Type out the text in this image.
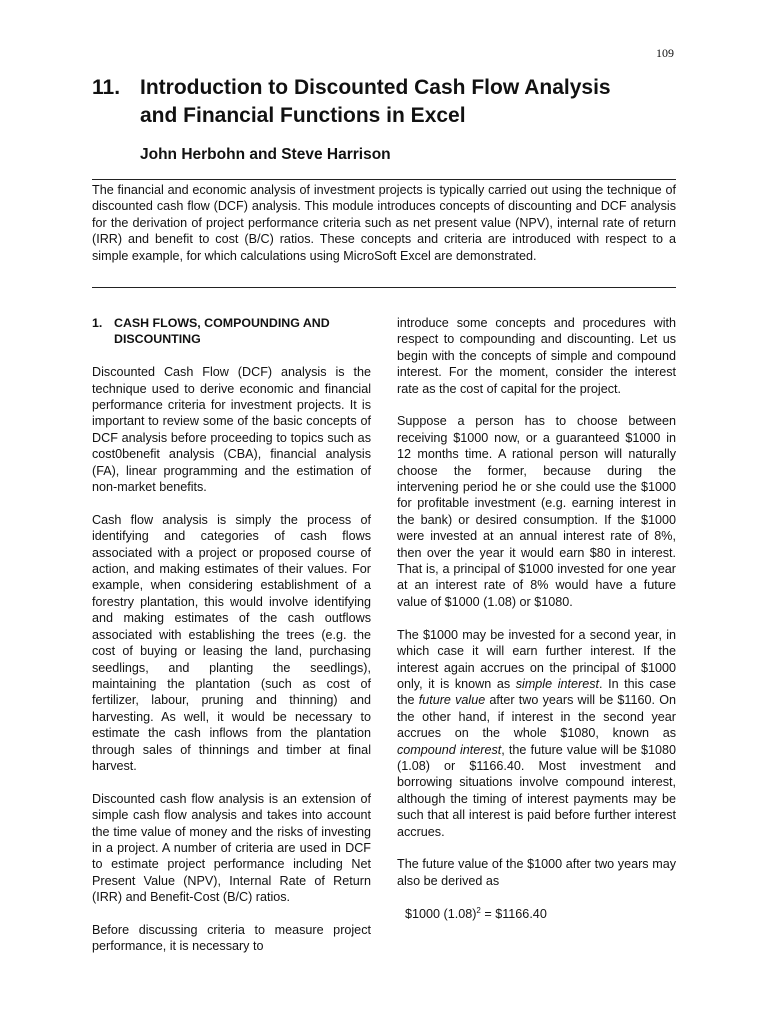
109
11. Introduction to Discounted Cash Flow Analysis
and Financial Functions in Excel
John Herbohn and Steve Harrison

The financial and economic analysis of investment projects is typically carried out using the technique of discounted cash flow (DCF) analysis. This module introduces concepts of discounting and DCF analysis for the derivation of project performance criteria such as net present value (NPV), internal rate of return (IRR) and benefit to cost (B/C) ratios. These concepts and criteria are introduced with respect to a simple example, for which calculations using MicroSoft Excel are demonstrated.

1. CASH FLOWS, COMPOUNDING AND DISCOUNTING

Discounted Cash Flow (DCF) analysis is the technique used to derive economic and financial performance criteria for investment projects. It is important to review some of the basic concepts of DCF analysis before proceeding to topics such as cost0benefit analysis (CBA), financial analysis (FA), linear programming and the estimation of non-market benefits.

Cash flow analysis is simply the process of identifying and categories of cash flows associated with a project or proposed course of action, and making estimates of their values. For example, when considering establishment of a forestry plantation, this would involve identifying and making estimates of the cash outflows associated with establishing the trees (e.g. the cost of buying or leasing the land, purchasing seedlings, and planting the seedlings), maintaining the plantation (such as cost of fertilizer, labour, pruning and thinning) and harvesting. As well, it would be necessary to estimate the cash inflows from the plantation through sales of thinnings and timber at final harvest.

Discounted cash flow analysis is an extension of simple cash flow analysis and takes into account the time value of money and the risks of investing in a project. A number of criteria are used in DCF to estimate project performance including Net Present Value (NPV), Internal Rate of Return (IRR) and Benefit-Cost (B/C) ratios.

Before discussing criteria to measure project performance, it is necessary to

introduce some concepts and procedures with respect to compounding and discounting. Let us begin with the concepts of simple and compound interest. For the moment, consider the interest rate as the cost of capital for the project.

Suppose a person has to choose between receiving $1000 now, or a guaranteed $1000 in 12 months time. A rational person will naturally choose the former, because during the intervening period he or she could use the $1000 for profitable investment (e.g. earning interest in the bank) or desired consumption. If the $1000 were invested at an annual interest rate of 8%, then over the year it would earn $80 in interest. That is, a principal of $1000 invested for one year at an interest rate of 8% would have a future value of $1000 (1.08) or $1080.

The $1000 may be invested for a second year, in which case it will earn further interest. If the interest again accrues on the principal of $1000 only, it is known as simple interest. In this case the future value after two years will be $1160. On the other hand, if interest in the second year accrues on the whole $1080, known as compound interest, the future value will be $1080 (1.08) or $1166.40. Most investment and borrowing situations involve compound interest, although the timing of interest payments may be such that all interest is paid before further interest accrues.

The future value of the $1000 after two years may also be derived as

$1000 $(1.08)^2$ = $1166.40
